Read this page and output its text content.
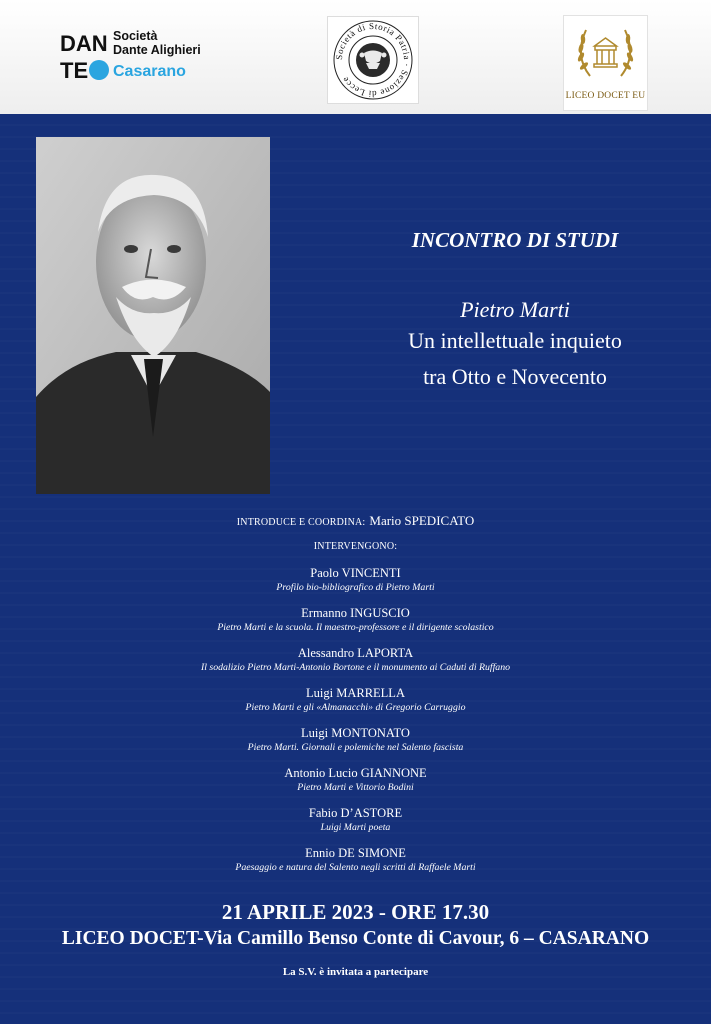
DAN
TE
Società
Dante Alighieri
Casarano
Società di Storia Patria · Sezione di Lecce
LICEO DOCET EU
INCONTRO DI STUDI
Pietro Marti
Un intellettuale inquieto
tra Otto e Novecento
INTRODUCE E COORDINA: Mario SPEDICATO
INTERVENGONO:
Paolo VINCENTI
Profilo bio-bibliografico di Pietro Marti
Ermanno INGUSCIO
Pietro Marti e la scuola. Il maestro-professore e il dirigente scolastico
Alessandro LAPORTA
Il sodalizio Pietro Marti-Antonio Bortone e il monumento ai Caduti di Ruffano
Luigi MARRELLA
Pietro Marti e gli «Almanacchi» di Gregorio Carruggio
Luigi MONTONATO
Pietro Marti. Giornali e polemiche nel Salento fascista
Antonio Lucio GIANNONE
Pietro Marti e Vittorio Bodini
Fabio D’ASTORE
Luigi Marti poeta
Ennio DE SIMONE
Paesaggio e natura del Salento negli scritti di Raffaele Marti
21 APRILE 2023 - ORE 17.30
LICEO DOCET-Via Camillo Benso Conte di Cavour, 6 – CASARANO
La S.V. è invitata a partecipare
